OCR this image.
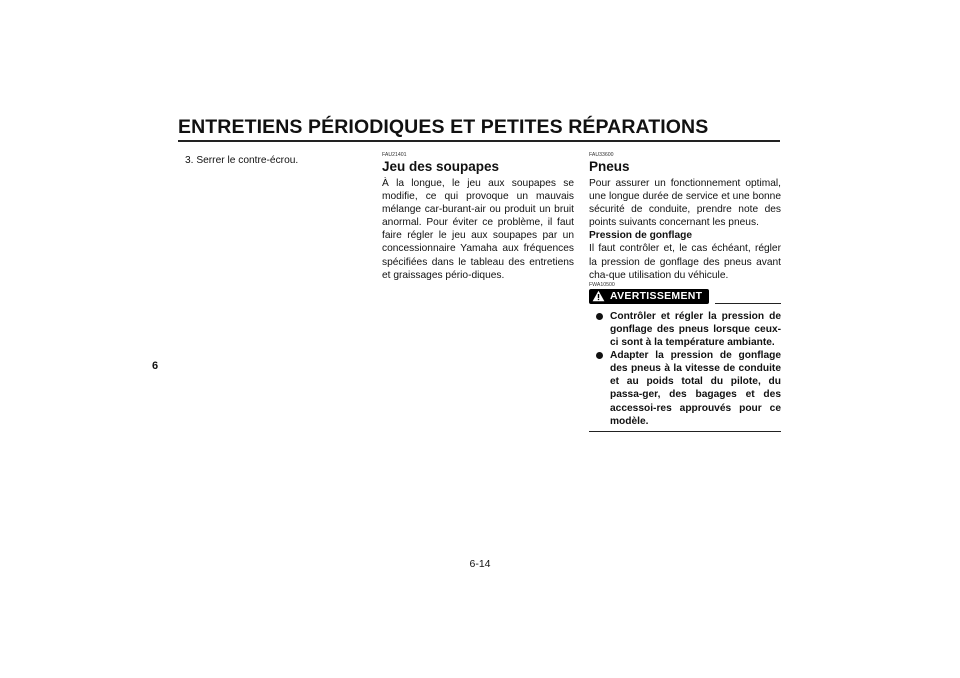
ENTRETIENS PÉRIODIQUES ET PETITES RÉPARATIONS
6

3. Serrer le contre-écrou.	FAU21401

Jeu des soupapes

À la longue, le jeu aux soupapes se modifie, ce qui provoque un mauvais mélange car-burant-air ou produit un bruit anormal. Pour éviter ce problème, il faut faire régler le jeu aux soupapes par un concessionnaire Yamaha aux fréquences spécifiées dans le tableau des entretiens et graissages pério-diques.

FAU33600

Pneus

Pour assurer un fonctionnement optimal, une longue durée de service et une bonne sécurité de conduite, prendre note des points suivants concernant les pneus.

Pression de gonflage

Il faut contrôler et, le cas échéant, régler la pression de gonflage des pneus avant cha-que utilisation du véhicule.

FWA10500

AVERTISSEMENT
Contrôler et régler la pression de gonflage des pneus lorsque ceux-ci sont à la température ambiante.
Adapter la pression de gonflage des pneus à la vitesse de conduite et au poids total du pilote, du passa-ger, des bagages et des accessoi-res approuvés pour ce modèle.
6-14
